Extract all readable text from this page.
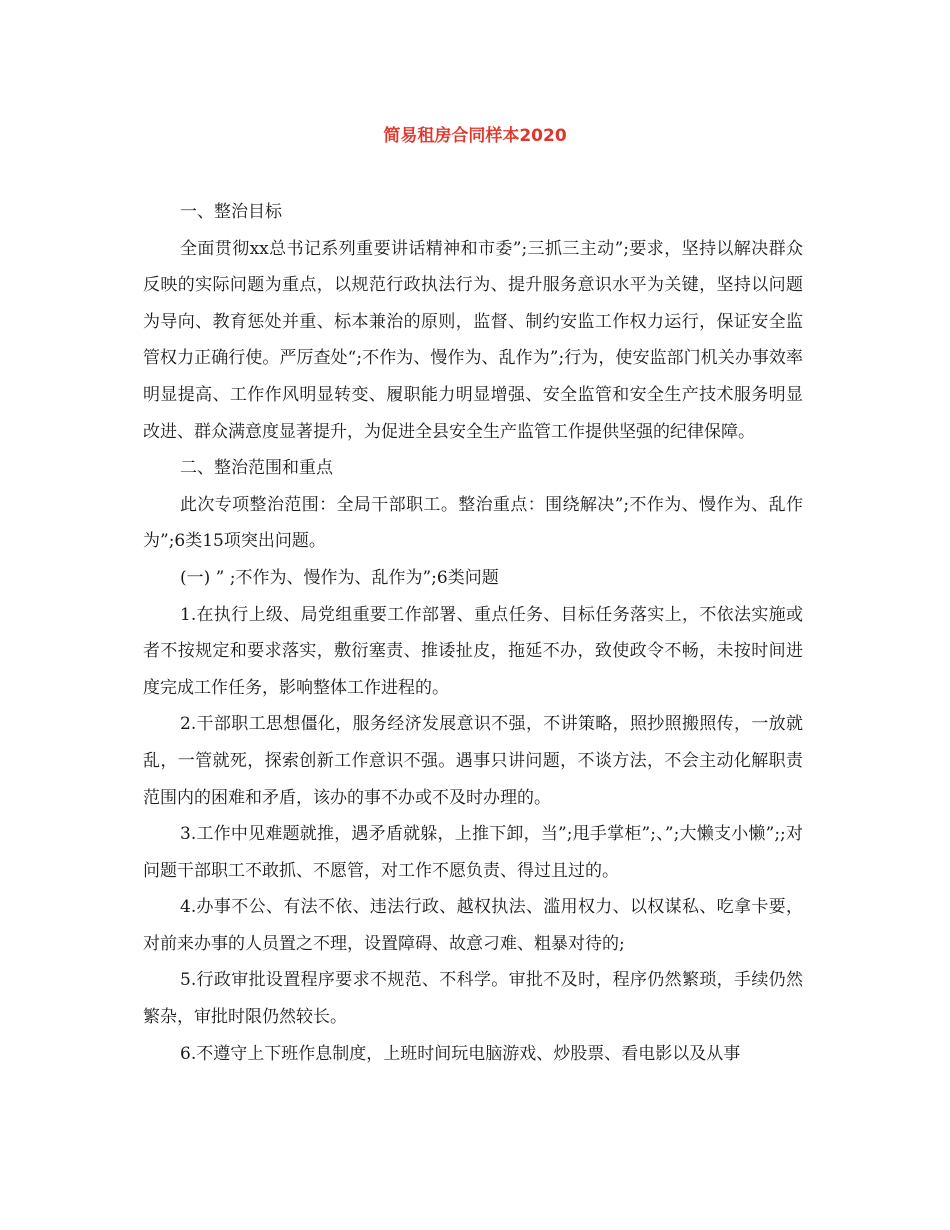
简易租房合同样本2020

一、整治目标

全面贯彻xx总书记系列重要讲话精神和市委”;三抓三主动”;要求，坚持以解决群众反映的实际问题为重点，以规范行政执法行为、提升服务意识水平为关键，坚持以问题为导向、教育惩处并重、标本兼治的原则，监督、制约安监工作权力运行，保证安全监管权力正确行使。严厉查处“;不作为、慢作为、乱作为”;行为，使安监部门机关办事效率明显提高、工作作风明显转变、履职能力明显增强、安全监管和安全生产技术服务明显改进、群众满意度显著提升，为促进全县安全生产监管工作提供坚强的纪律保障。

二、整治范围和重点

此次专项整治范围：全局干部职工。整治重点：围绕解决”;不作为、慢作为、乱作为”;6类15项突出问题。

(一) ” ;不作为、慢作为、乱作为”;6类问题

1.在执行上级、局党组重要工作部署、重点任务、目标任务落实上，不依法实施或者不按规定和要求落实，敷衍塞责、推诿扯皮，拖延不办，致使政令不畅，未按时间进度完成工作任务，影响整体工作进程的。

2.干部职工思想僵化，服务经济发展意识不强，不讲策略，照抄照搬照传，一放就乱，一管就死，探索创新工作意识不强。遇事只讲问题，不谈方法，不会主动化解职责范围内的困难和矛盾，该办的事不办或不及时办理的。

3.工作中见难题就推，遇矛盾就躲，上推下卸，当”;甩手掌柜”;、”;大懒支小懒”;;对问题干部职工不敢抓、不愿管，对工作不愿负责、得过且过的。

4.办事不公、有法不依、违法行政、越权执法、滥用权力、以权谋私、吃拿卡要，对前来办事的人员置之不理，设置障碍、故意刁难、粗暴对待的;

5.行政审批设置程序要求不规范、不科学。审批不及时，程序仍然繁琐，手续仍然繁杂，审批时限仍然较长。

6.不遵守上下班作息制度，上班时间玩电脑游戏、炒股票、看电影以及从事
